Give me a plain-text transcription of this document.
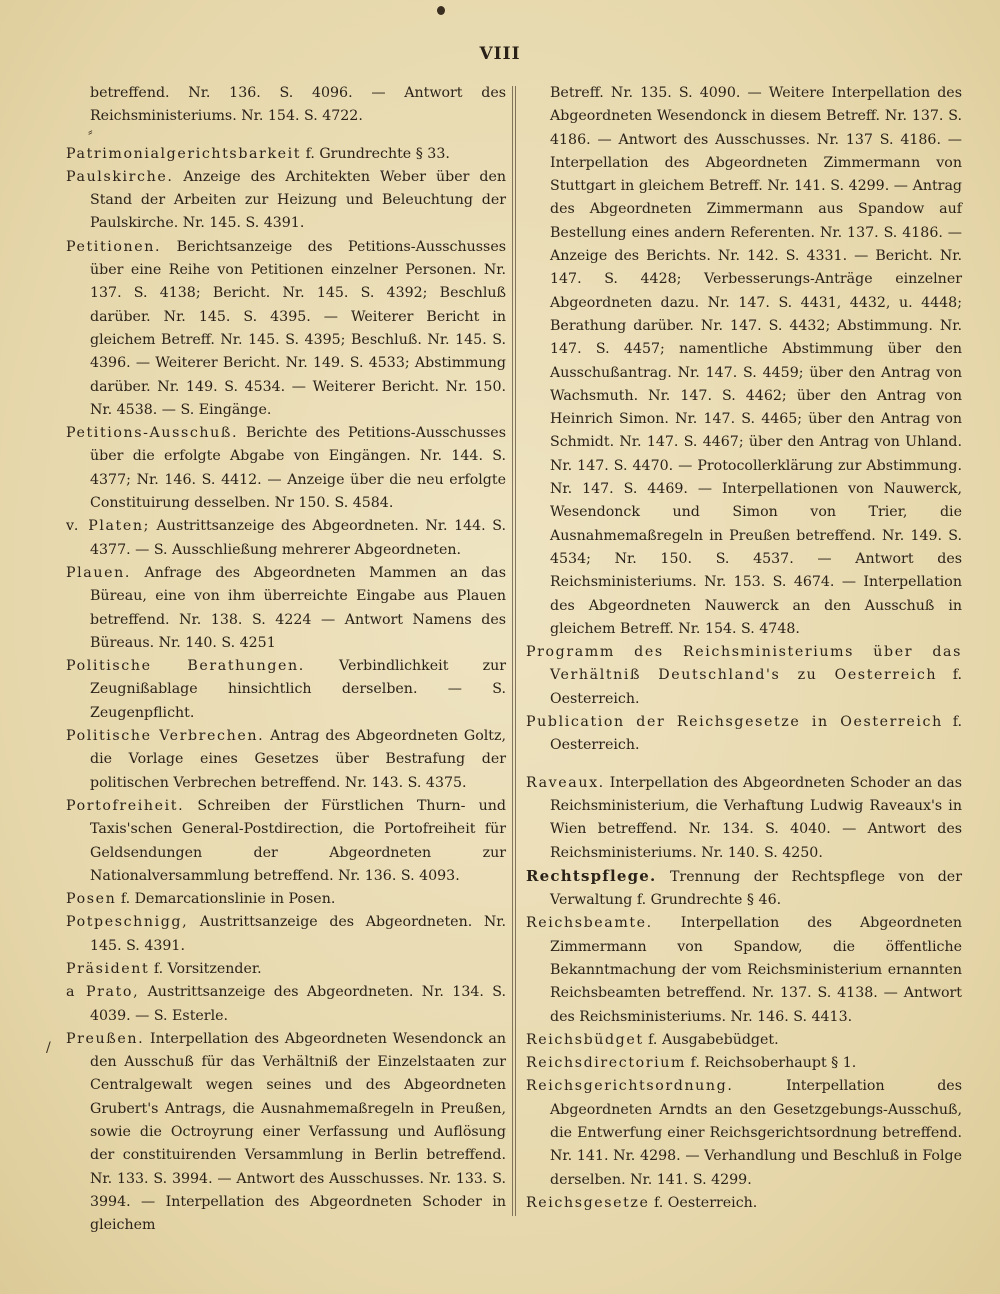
VIII

betreffend. Nr. 136. S. 4096. — Antwort des Reichsministeriums. Nr. 154. S. 4722.

Patrimonialgerichtsbarkeit f. Grundrechte § 33.

Paulskirche. Anzeige des Architekten Weber über den Stand der Arbeiten zur Heizung und Beleuchtung der Paulskirche. Nr. 145. S. 4391.

Petitionen. Berichtsanzeige des Petitions-Ausschusses über eine Reihe von Petitionen einzelner Personen. Nr. 137. S. 4138; Bericht. Nr. 145. S. 4392; Beschluß darüber. Nr. 145. S. 4395. — Weiterer Bericht in gleichem Betreff. Nr. 145. S. 4395; Beschluß. Nr. 145. S. 4396. — Weiterer Bericht. Nr. 149. S. 4533; Abstimmung darüber. Nr. 149. S. 4534. — Weiterer Bericht. Nr. 150. Nr. 4538. — S. Eingänge.

Petitions-Ausschuß. Berichte des Petitions-Ausschusses über die erfolgte Abgabe von Eingängen. Nr. 144. S. 4377; Nr. 146. S. 4412. — Anzeige über die neu erfolgte Constituirung desselben. Nr 150. S. 4584.

v. Platen; Austrittsanzeige des Abgeordneten. Nr. 144. S. 4377. — S. Ausschließung mehrerer Abgeordneten.

Plauen. Anfrage des Abgeordneten Mammen an das Büreau, eine von ihm überreichte Eingabe aus Plauen betreffend. Nr. 138. S. 4224 — Antwort Namens des Büreaus. Nr. 140. S. 4251

Politische Berathungen. Verbindlichkeit zur Zeugnißablage hinsichtlich derselben. — S. Zeugenpflicht.

Politische Verbrechen. Antrag des Abgeordneten Goltz, die Vorlage eines Gesetzes über Bestrafung der politischen Verbrechen betreffend. Nr. 143. S. 4375.

Portofreiheit. Schreiben der Fürstlichen Thurn- und Taxis'schen General-Postdirection, die Portofreiheit für Geldsendungen der Abgeordneten zur Nationalversammlung betreffend. Nr. 136. S. 4093.

Posen f. Demarcationslinie in Posen.

Potpeschnigg, Austrittsanzeige des Abgeordneten. Nr. 145. S. 4391.

Präsident f. Vorsitzender.

a Prato, Austrittsanzeige des Abgeordneten. Nr. 134. S. 4039. — S. Esterle.

Preußen. Interpellation des Abgeordneten Wesendonck an den Ausschuß für das Verhältniß der Einzelstaaten zur Centralgewalt wegen seines und des Abgeordneten Grubert's Antrags, die Ausnahmemaßregeln in Preußen, sowie die Octroyrung einer Verfassung und Auflösung der constituirenden Versammlung in Berlin betreffend. Nr. 133. S. 3994. — Antwort des Ausschusses. Nr. 133. S. 3994. — Interpellation des Abgeordneten Schoder in gleichem

Betreff. Nr. 135. S. 4090. — Weitere Interpellation des Abgeordneten Wesendonck in diesem Betreff. Nr. 137. S. 4186. — Antwort des Ausschusses. Nr. 137 S. 4186. — Interpellation des Abgeordneten Zimmermann von Stuttgart in gleichem Betreff. Nr. 141. S. 4299. — Antrag des Abgeordneten Zimmermann aus Spandow auf Bestellung eines andern Referenten. Nr. 137. S. 4186. — Anzeige des Berichts. Nr. 142. S. 4331. — Bericht. Nr. 147. S. 4428; Verbesserungs-Anträge einzelner Abgeordneten dazu. Nr. 147. S. 4431, 4432, u. 4448; Berathung darüber. Nr. 147. S. 4432; Abstimmung. Nr. 147. S. 4457; namentliche Abstimmung über den Ausschußantrag. Nr. 147. S. 4459; über den Antrag von Wachsmuth. Nr. 147. S. 4462; über den Antrag von Heinrich Simon. Nr. 147. S. 4465; über den Antrag von Schmidt. Nr. 147. S. 4467; über den Antrag von Uhland. Nr. 147. S. 4470. — Protocollerklärung zur Abstimmung. Nr. 147. S. 4469. — Interpellationen von Nauwerck, Wesendonck und Simon von Trier, die Ausnahmemaßregeln in Preußen betreffend. Nr. 149. S. 4534; Nr. 150. S. 4537. — Antwort des Reichsministeriums. Nr. 153. S. 4674. — Interpellation des Abgeordneten Nauwerck an den Ausschuß in gleichem Betreff. Nr. 154. S. 4748.

Programm des Reichsministeriums über das Verhältniß Deutschland's zu Oesterreich f. Oesterreich.

Publication der Reichsgesetze in Oesterreich f. Oesterreich.

Raveaux. Interpellation des Abgeordneten Schoder an das Reichsministerium, die Verhaftung Ludwig Raveaux's in Wien betreffend. Nr. 134. S. 4040. — Antwort des Reichsministeriums. Nr. 140. S. 4250.

Rechtspflege. Trennung der Rechtspflege von der Verwaltung f. Grundrechte § 46.

Reichsbeamte. Interpellation des Abgeordneten Zimmermann von Spandow, die öffentliche Bekanntmachung der vom Reichsministerium ernannten Reichsbeamten betreffend. Nr. 137. S. 4138. — Antwort des Reichsministeriums. Nr. 146. S. 4413.

Reichsbüdget f. Ausgabebüdget.

Reichsdirectorium f. Reichsoberhaupt § 1.

Reichsgerichtsordnung. Interpellation des Abgeordneten Arndts an den Gesetzgebungs-Ausschuß, die Entwerfung einer Reichsgerichtsordnung betreffend. Nr. 141. Nr. 4298. — Verhandlung und Beschluß in Folge derselben. Nr. 141. S. 4299.

Reichsgesetze f. Oesterreich.

⸗
/
